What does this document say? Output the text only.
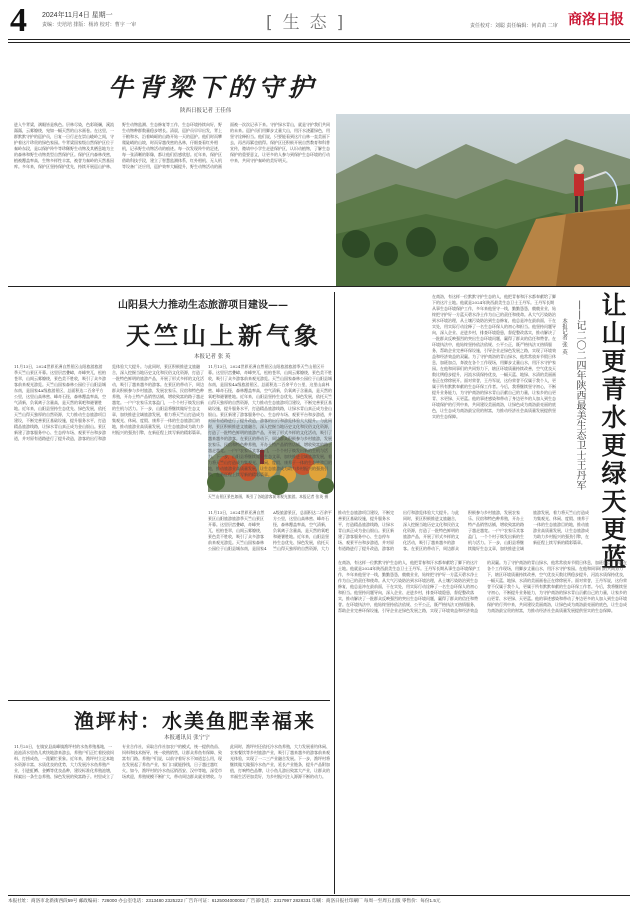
4 2024年11月4日 星期一
责编：史培培 排版：杨涛 校对：曹宇 一审	[生态]	责任校对：刘聪 责任编辑：何苗苗 二审 商洛日报
牛背梁下的守护
陕西日报记者 王佳伟
进入牛背梁，满眼皆是秋色。层林尽染，色彩斑斓，溪流潺潺，云雾缭绕，宛如一幅天然的山水画卷。在这里，一群默默守护的巡护员，日复一日行走在崇山峻岭之间，守护着这片珍贵的绿色家园。牛背梁国家级自然保护区位于秦岭东段，是以保护羚牛等珍稀野生动物及其栖息地为主的森林和野生动物类型自然保护区。保护区内森林茂密，植被覆盖率高，生物多样性丰富，被誉为秦岭的天然基因库。多年来，保护区坚持保护优先，持续开展巡山护林、野生动物监测、生态修复等工作，生态环境持续向好，野生动物种群数量稳步增长。清晨，巡护员早早出发，背上干粮和水，沿着崎岖的山路开始一天的巡护。他们时而攀爬陡峭的山坡，时而穿越茂密的丛林，仔细查看红外相机，记录野生动物活动的痕迹。每一次发现羚牛的足迹，每一张清晰的影像，都让他们倍感欣慰。近年来，保护区借助科技手段，建立了智慧监测体系，红外相机、无人机等设备广泛应用，巡护效率大幅提升，野生动物活动的画面被一次次记录下来。守护绿水青山，就是守护我们共同的未来。巡护员们用脚步丈量大山，用汗水浇灌绿色，用坚守诠释担当。他们说，只要能看到这片山林一直美丽下去，再苦再累也值得。保护区还积极开展自然教育和科普宣传，邀请中小学生走进保护区，认识动植物，了解生态保护的重要意义，让更多的人参与到保护生态环境的行动中来，共同守护秦岭的美好明天。
山阳县大力推动生态旅游项目建设——
天竺山上新气象
本报记者 张 英
11月13日，2024世界亚洲自然景区山阳旅游旅游季天竺山景区开幕。这里层峦叠嶂，奇峰突兀，松柏苍翠，山间云雾缭绕，景色美不胜收，吸引了众多游客前来观光游览。天竺山国家森林公园位于山阳县城东南，是国家4A级旅游景区，总面积达二百余平方公里，这里山高林密、峰奇石怪，森林覆盖率高，空气清新，负氧离子含量高，是天然的氧吧和避暑胜地。近年来，山阳县坚持生态优先、绿色发展，依托天竺山得天独厚的自然资源，大力推动生态旅游项目建设，不断完善景区基础设施，提升服务水平，打造精品旅游线路，让绿水青山真正成为金山银山。景区新建了游客服务中心、生态停车场、观景平台和步游道，并对原有道路进行了提升改造，游客的出行和游览体验大大提升。与此同时，景区积极推进文旅融合，深入挖掘当地历史文化和民俗文化资源，打造了一批特色鲜明的旅游产品，开展了形式多样的文化活动，吸引了越来越多的游客。在景区的带动下，周边群众积极参与乡村旅游，发展农家乐、民宿和特色种养殖，开办土特产品销售店铺，增收致富的路子越走越宽。一户户农家乐宾客盈门，一个个村子焕发出新的生机与活力。下一步，山阳县将继续做好生态文章，加快推进全域旅游发展，着力将天竺山打造成为集观光、休闲、度假、康养于一体的生态旅游目的地，推动旅游业高质量发展，让生态旅游成为助力乡村振兴的强劲引擎，在新征程上续写新的精彩篇章。
天竺山景区景色如画，吸引了各地游客前来观光旅游。本报记者 张英 摄
11月13日，2024世界亚洲自然景区山阳旅游旅游季天竺山景区开幕。这里层峦叠嶂，奇峰突兀，松柏苍翠，山间云雾缭绕，景色美不胜收，吸引了众多游客前来观光游览。天竺山国家森林公园位于山阳县城东南，是国家4A级旅游景区，总面积达二百余平方公里，这里山高林密、峰奇石怪，森林覆盖率高，空气清新，负氧离子含量高，是天然的氧吧和避暑胜地。近年来，山阳县坚持生态优先、绿色发展，依托天竺山得天独厚的自然资源，大力推动生态旅游项目建设，不断完善景区基础设施，提升服务水平，打造精品旅游线路，让绿水青山真正成为金山银山。景区新建了游客服务中心、生态停车场、观景平台和步游道，并对原有道路进行了提升改造，游客的出行和游览体验大大提升。与此同时，景区积极推进文旅融合，深入挖掘当地历史文化和民俗文化资源，打造了一批特色鲜明的旅游产品，开展了形式多样的文化活动，吸引了越来越多的游客。在景区的带动下，周边群众积极参与乡村旅游，发展农家乐、民宿和特色种养殖，开办土特产品销售店铺，增收致富的路子越走越宽。一户户农家乐宾客盈门，一个个村子焕发出新的生机与活力。下一步，山阳县将继续做好生态文章，加快推进全域旅游发展，着力将天竺山打造成为集观光、休闲、度假、康养于一体的生态旅游目的地，推动旅游业高质量发展，让生态旅游成为助力乡村振兴的强劲引擎，在新征程上续写新的精彩篇章。
11月13日，2024世界亚洲自然景区山阳旅游旅游季天竺山景区开幕。这里层峦叠嶂，奇峰突兀，松柏苍翠，山间云雾缭绕，景色美不胜收，吸引了众多游客前来观光游览。天竺山国家森林公园位于山阳县城东南，是国家4A级旅游景区，总面积达二百余平方公里，这里山高林密、峰奇石怪，森林覆盖率高，空气清新，负氧离子含量高，是天然的氧吧和避暑胜地。近年来，山阳县坚持生态优先、绿色发展，依托天竺山得天独厚的自然资源，大力推动生态旅游项目建设，不断完善景区基础设施，提升服务水平，打造精品旅游线路，让绿水青山真正成为金山银山。景区新建了游客服务中心、生态停车场、观景平台和步游道，并对原有道路进行了提升改造，游客的出行和游览体验大大提升。与此同时，景区积极推进文旅融合，深入挖掘当地历史文化和民俗文化资源，打造了一批特色鲜明的旅游产品，开展了形式多样的文化活动，吸引了越来越多的游客。在景区的带动下，周边群众积极参与乡村旅游，发展农家乐、民宿和特色种养殖，开办土特产品销售店铺，增收致富的路子越走越宽。一户户农家乐宾客盈门，一个个村子焕发出新的生机与活力。下一步，山阳县将继续做好生态文章，加快推进全域旅游发展，着力将天竺山打造成为集观光、休闲、度假、康养于一体的生态旅游目的地，推动旅游业高质量发展，让生态旅游成为助力乡村振兴的强劲引擎，在新征程上续写新的精彩篇章。	让山更青水更绿天更蓝
——记二〇二四年陕西最美生态卫士王丹军
本报记者 张 英
在商洛，有这样一位默默守护生态的人，他把青春和汗水都奉献给了脚下的这片土地。他就是2024年陕西最美生态卫士王丹军。王丹军长期从事生态环境保护工作，多年来他坚守一线，勤勤恳恳，兢兢业业，始终把守护好一方蓝天碧水净土作为自己的责任和使命。从大气污染防治到水环境治理，从土壤污染防治到生态修复，他总是冲在最前面，干在实处，用实际行动诠释了一名生态环保人的初心和担当。他坚持问题导向，深入企业、走进乡村，排查环境隐患，督促整改落实，推动解决了一批群众反映强烈的突出生态环境问题，赢得了群众的信任和赞誉。在环境执法中，他始终坚持依法依规、公平公正，既严格执法又热情服务，帮助企业完善环保设施，引导企业走绿色发展之路，实现了环境效益和经济效益的双赢。为了守护商洛的青山绿水，他常常放弃节假日休息，加班加点，奔波在各个工作现场，用脚步丈量山水，用汗水守护家园。在他和同事们的共同努力下，辖区环境质量持续改善，空气优良天数比例稳步提升，河流水质保持优良，一幅天蓝、地绿、水清的美丽画卷正在徐徐展开。面对荣誉，王丹军说，这份荣誉不仅属于我个人，更属于所有默默奉献的生态环保工作者。今后，我将继续坚守初心，不断提升业务能力，为守护商洛的绿水青山贡献自己的力量，让家乡的山更青、水更绿、天更蓝。他的事迹感染和带动了身边更多的人加入到生态环境保护的行列中来，共同建设美丽商洛，让绿色成为商洛最亮丽的底色，让生态成为商洛最宝贵的财富，为推动经济社会高质量发展提供坚实的生态保障。
在商洛，有这样一位默默守护生态的人，他把青春和汗水都奉献给了脚下的这片土地。他就是2024年陕西最美生态卫士王丹军。王丹军长期从事生态环境保护工作，多年来他坚守一线，勤勤恳恳，兢兢业业，始终把守护好一方蓝天碧水净土作为自己的责任和使命。从大气污染防治到水环境治理，从土壤污染防治到生态修复，他总是冲在最前面，干在实处，用实际行动诠释了一名生态环保人的初心和担当。他坚持问题导向，深入企业、走进乡村，排查环境隐患，督促整改落实，推动解决了一批群众反映强烈的突出生态环境问题，赢得了群众的信任和赞誉。在环境执法中，他始终坚持依法依规、公平公正，既严格执法又热情服务，帮助企业完善环保设施，引导企业走绿色发展之路，实现了环境效益和经济效益的双赢。为了守护商洛的青山绿水，他常常放弃节假日休息，加班加点，奔波在各个工作现场，用脚步丈量山水，用汗水守护家园。在他和同事们的共同努力下，辖区环境质量持续改善，空气优良天数比例稳步提升，河流水质保持优良，一幅天蓝、地绿、水清的美丽画卷正在徐徐展开。面对荣誉，王丹军说，这份荣誉不仅属于我个人，更属于所有默默奉献的生态环保工作者。今后，我将继续坚守初心，不断提升业务能力，为守护商洛的绿水青山贡献自己的力量，让家乡的山更青、水更绿、天更蓝。他的事迹感染和带动了身边更多的人加入到生态环境保护的行列中来，共同建设美丽商洛，让绿色成为商洛最亮丽的底色，让生态成为商洛最宝贵的财富，为推动经济社会高质量发展提供坚实的生态保障。
渔坪村：水美鱼肥幸福来
本报通讯员 张宁宁
11月25日，在镇安县高峰镇渔坪村的水鱼养殖基地，一池池清水里鱼儿欢快地游来游去，养殖户们正忙着投放饲料、打捞成鱼，一派繁忙景象。近年来，渔坪村立足本地水资源丰富、水质优良的优势，大力发展冷水鱼养殖产业，引进虹鳟、金鳟等优良品种，建设标准化养殖池塘，探索出一条生态养殖、绿色发展的致富路子。村里成立了专业合作社，采取合作社加农户的模式，统一提供鱼苗、饲料和技术指导，统一收购销售，让群众养鱼有保障、致富有门路。养殖户们说，以前守着好水不知道怎么用，现在发展起了养鱼产业，家门口就能挣钱，日子越过越红火。如今，渔坪村的冷水鱼远销西安、汉中等地，深受市场欢迎，养殖规模不断扩大，带动周边群众就业增收。与此同时，渔坪村还依托冷水鱼养殖，大力发展垂钓休闲、农家餐饮等乡村旅游产业，吸引了越来越多的游客前来观光体验，实现了一二三产业融合发展。下一步，渔坪村将继续做大做强冷水鱼产业，延长产业链条，提升产品附加值，打响特色品牌，让小鱼儿游出致富大产业，让群众的幸福生活更加美好，为乡村振兴注入源源不断的动力。
本报社址：商洛市北新街西段59号 邮政编码：726000 办公室电话：2313480 2325222 广告许可证：6125004000002 广告部电话：2317997 2828331 印刷：商洛日报社印刷厂 每周一至周五出版 零售价：每份1.5元
